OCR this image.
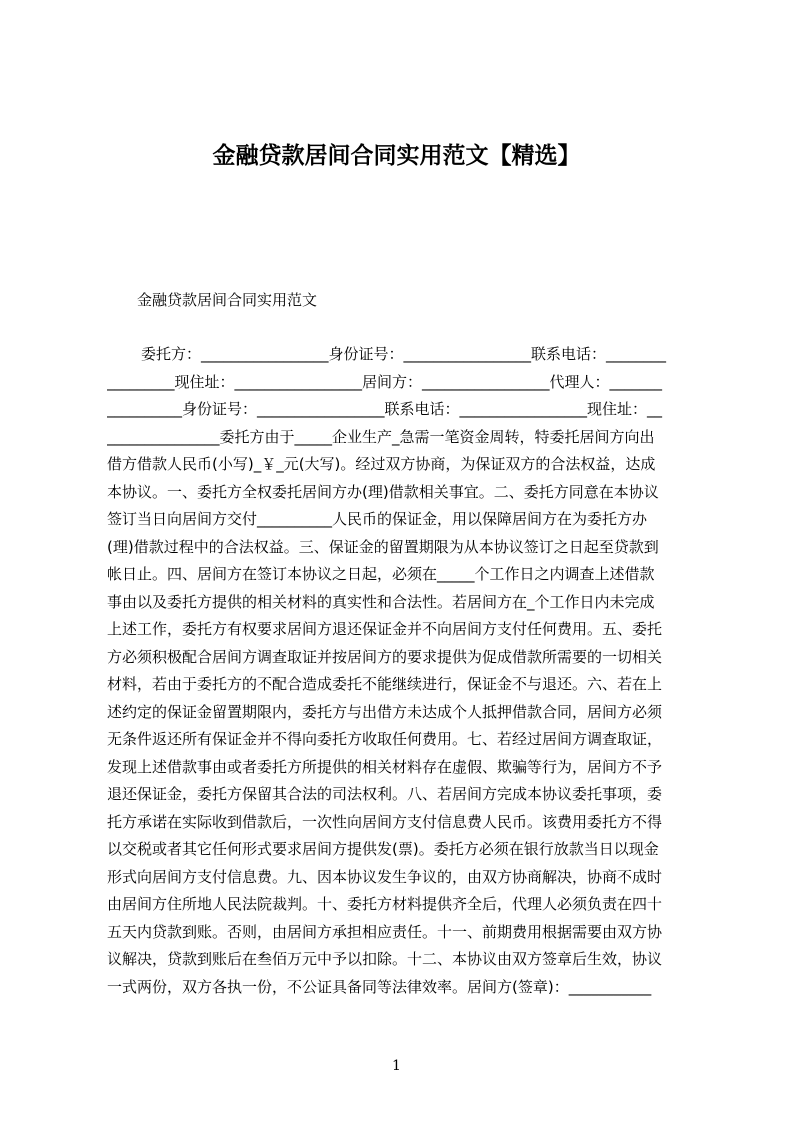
金融贷款居间合同实用范文【精选】

金融贷款居间合同实用范文

委托方：_________________身份证号：_________________联系电话：________
_________现住址：_________________居间方：_________________代理人：_______
__________身份证号：_________________联系电话：_________________现住址：__
_______________委托方由于_____企业生产_急需一笔资金周转，特委托居间方向出
借方借款人民币(小写)_￥_元(大写)。经过双方协商，为保证双方的合法权益，达成
本协议。一、委托方全权委托居间方办(理)借款相关事宜。二、委托方同意在本协议
签订当日向居间方交付__________人民币的保证金，用以保障居间方在为委托方办
(理)借款过程中的合法权益。三、保证金的留置期限为从本协议签订之日起至贷款到
帐日止。四、居间方在签订本协议之日起，必须在_____个工作日之内调查上述借款
事由以及委托方提供的相关材料的真实性和合法性。若居间方在_个工作日内未完成
上述工作，委托方有权要求居间方退还保证金并不向居间方支付任何费用。五、委托
方必须积极配合居间方调查取证并按居间方的要求提供为促成借款所需要的一切相关
材料，若由于委托方的不配合造成委托不能继续进行，保证金不与退还。六、若在上
述约定的保证金留置期限内，委托方与出借方未达成个人抵押借款合同，居间方必须
无条件返还所有保证金并不得向委托方收取任何费用。七、若经过居间方调查取证，
发现上述借款事由或者委托方所提供的相关材料存在虚假、欺骗等行为，居间方不予
退还保证金，委托方保留其合法的司法权利。八、若居间方完成本协议委托事项，委
托方承诺在实际收到借款后，一次性向居间方支付信息费人民币。该费用委托方不得
以交税或者其它任何形式要求居间方提供发(票)。委托方必须在银行放款当日以现金
形式向居间方支付信息费。九、因本协议发生争议的，由双方协商解决，协商不成时
由居间方住所地人民法院裁判。十、委托方材料提供齐全后，代理人必须负责在四十
五天内贷款到账。否则，由居间方承担相应责任。十一、前期费用根据需要由双方协
议解决，贷款到账后在叁佰万元中予以扣除。十二、本协议由双方签章后生效，协议
一式两份，双方各执一份，不公证具备同等法律效率。居间方(签章)：___________
1
